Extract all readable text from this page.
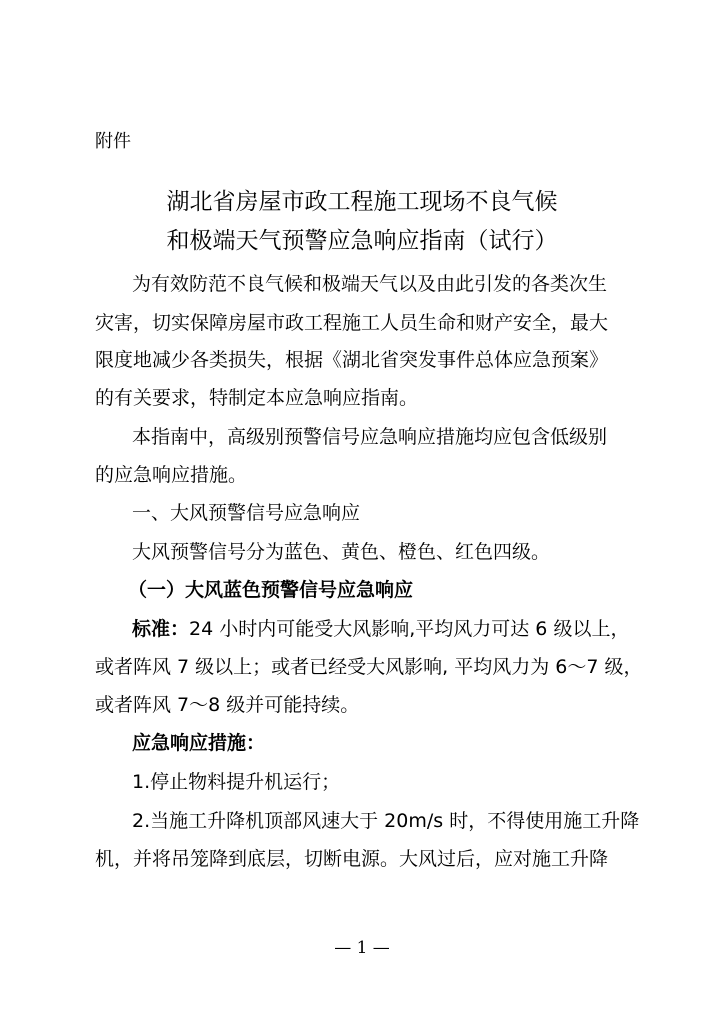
附件
湖北省房屋市政工程施工现场不良气候
和极端天气预警应急响应指南（试行）
为有效防范不良气候和极端天气以及由此引发的各类次生
灾害，切实保障房屋市政工程施工人员生命和财产安全，最大
限度地减少各类损失，根据《湖北省突发事件总体应急预案》
的有关要求，特制定本应急响应指南。
本指南中，高级别预警信号应急响应措施均应包含低级别
的应急响应措施。
一、大风预警信号应急响应
大风预警信号分为蓝色、黄色、橙色、红色四级。
（一）大风蓝色预警信号应急响应
标准：24 小时内可能受大风影响,平均风力可达 6 级以上，
或者阵风 7 级以上；或者已经受大风影响, 平均风力为 6～7 级，
或者阵风 7～8 级并可能持续。
应急响应措施：
1.停止物料提升机运行；
2.当施工升降机顶部风速大于 20m/s 时，不得使用施工升降
机，并将吊笼降到底层，切断电源。大风过后，应对施工升降
— 1 —
